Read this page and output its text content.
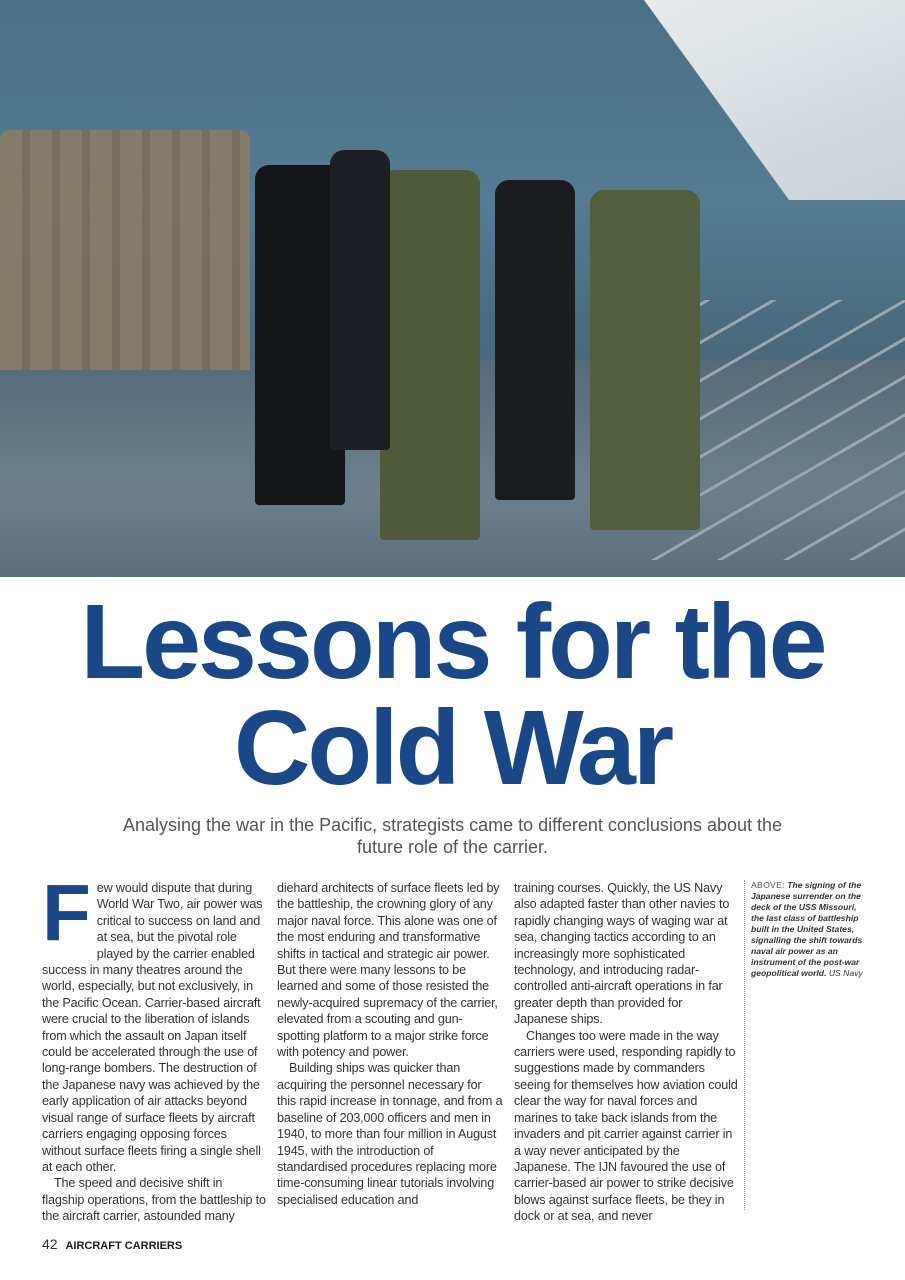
Lessons for the
Cold War
Analysing the war in the Pacific, strategists came to different conclusions about the future role of the carrier.
F ew would dispute that during World War Two, air power was critical to success on land and at sea, but the pivotal role played by the carrier enabled success in many theatres around the world, especially, but not exclusively, in the Pacific Ocean. Carrier-based aircraft were crucial to the liberation of islands from which the assault on Japan itself could be accelerated through the use of long-range bombers. The destruction of the Japanese navy was achieved by the early application of air attacks beyond visual range of surface fleets by aircraft carriers engaging opposing forces without surface fleets firing a single shell at each other.

The speed and decisive shift in flagship operations, from the battleship to the aircraft carrier, astounded many

diehard architects of surface fleets led by the battleship, the crowning glory of any major naval force. This alone was one of the most enduring and transformative shifts in tactical and strategic air power. But there were many lessons to be learned and some of those resisted the newly-acquired supremacy of the carrier, elevated from a scouting and gun-spotting platform to a major strike force with potency and power.

Building ships was quicker than acquiring the personnel necessary for this rapid increase in tonnage, and from a baseline of 203,000 officers and men in 1940, to more than four million in August 1945, with the introduction of standardised procedures replacing more time-consuming linear tutorials involving specialised education and

training courses. Quickly, the US Navy also adapted faster than other navies to rapidly changing ways of waging war at sea, changing tactics according to an increasingly more sophisticated technology, and introducing radar-controlled anti-aircraft operations in far greater depth than provided for Japanese ships.

Changes too were made in the way carriers were used, responding rapidly to suggestions made by commanders seeing for themselves how aviation could clear the way for naval forces and marines to take back islands from the invaders and pit carrier against carrier in a way never anticipated by the Japanese. The IJN favoured the use of carrier-based air power to strike decisive blows against surface fleets, be they in dock or at sea, and never

ABOVE: The signing of the Japanese surrender on the deck of the USS Missouri, the last class of battleship built in the United States, signalling the shift towards naval air power as an instrument of the post-war geopolitical world. US Navy
42 AIRCRAFT CARRIERS
